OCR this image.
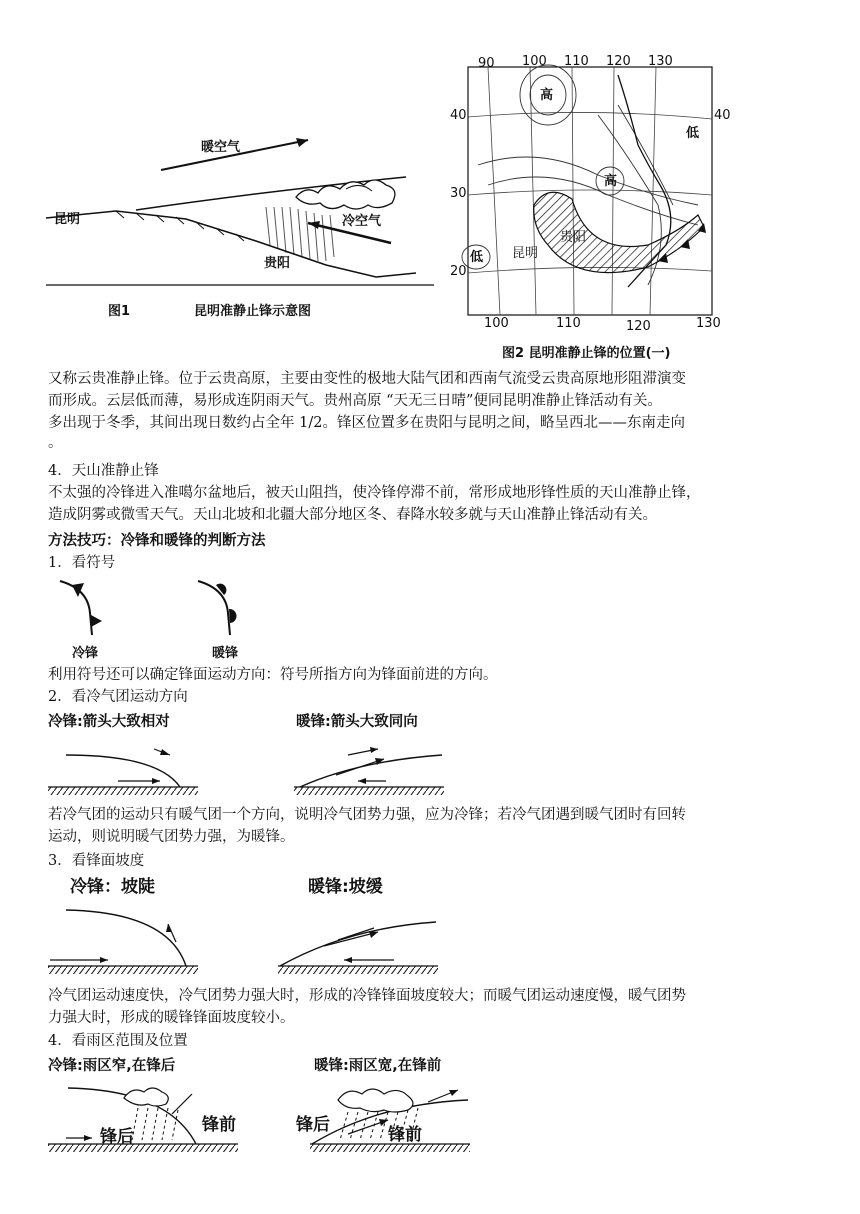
暖空气
冷空气
昆明
贵阳
图1	昆明准静止锋示意图
90 100 110 120 130
40	40
30
20
高
高
低
低
贵阳
昆明
100	110	120	130
图2 昆明准静止锋的位置(一)
又称云贵准静止锋。位于云贵高原，主要由变性的极地大陆气团和西南气流受云贵高原地形阻滞演变
而形成。云层低而薄，易形成连阴雨天气。贵州高原 “天无三日晴”便同昆明准静止锋活动有关。
多出现于冬季，其间出现日数约占全年 1/2。锋区位置多在贵阳与昆明之间，略呈西北——东南走向
。
4．天山准静止锋
不太强的冷锋进入准噶尔盆地后，被天山阻挡，使冷锋停滞不前，常形成地形锋性质的天山准静止锋，
造成阴雾或微雪天气。天山北坡和北疆大部分地区冬、春降水较多就与天山准静止锋活动有关。
方法技巧：冷锋和暖锋的判断方法
1．看符号
冷锋	暖锋
利用符号还可以确定锋面运动方向：符号所指方向为锋面前进的方向。
2．看冷气团运动方向
冷锋:箭头大致相对	暖锋:箭头大致同向
若冷气团的运动只有暖气团一个方向，说明冷气团势力强，应为冷锋；若冷气团遇到暖气团时有回转
运动，则说明暖气团势力强，为暖锋。
3．看锋面坡度
冷锋：坡陡	暖锋:坡缓
冷气团运动速度快，冷气团势力强大时，形成的冷锋锋面坡度较大；而暖气团运动速度慢，暖气团势
力强大时，形成的暖锋锋面坡度较小。
4．看雨区范围及位置
冷锋:雨区窄,在锋后	暖锋:雨区宽,在锋前
锋后
锋前	锋后	锋前
